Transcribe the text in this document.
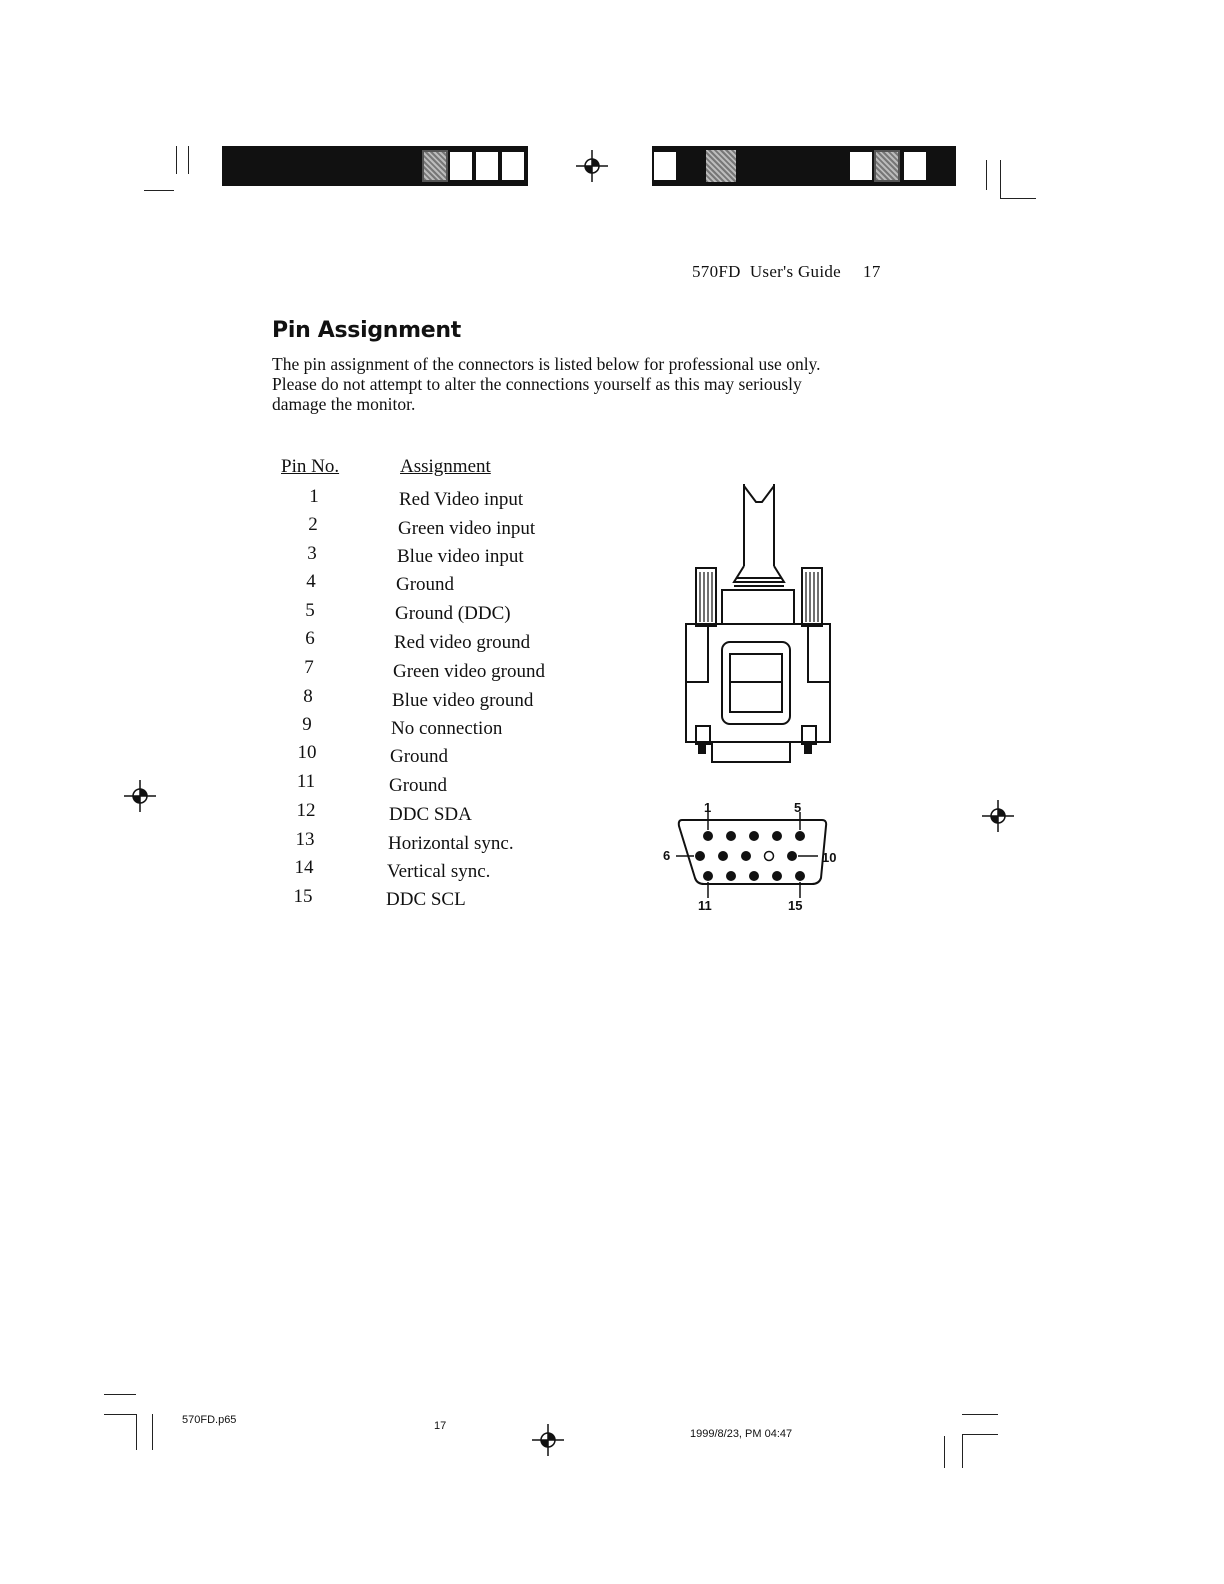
570FD  User's Guide 17
Pin Assignment
The pin assignment of the connectors is listed below for professional use only.
Please do not attempt to alter the connections yourself as this may seriously
damage the monitor.
Pin No.	Assignment
1	Red Video input
2	Green video input
3	Blue video input
4	Ground
5	Ground (DDC)
6	Red video ground
7	Green video ground
8	Blue video ground
9	No connection
10	Ground
11	Ground
12	DDC SDA
13	Horizontal sync.
14	Vertical sync.
15	DDC SCL
1	5
6	10
11	15
570FD.p65	17
1999/8/23, PM 04:47
